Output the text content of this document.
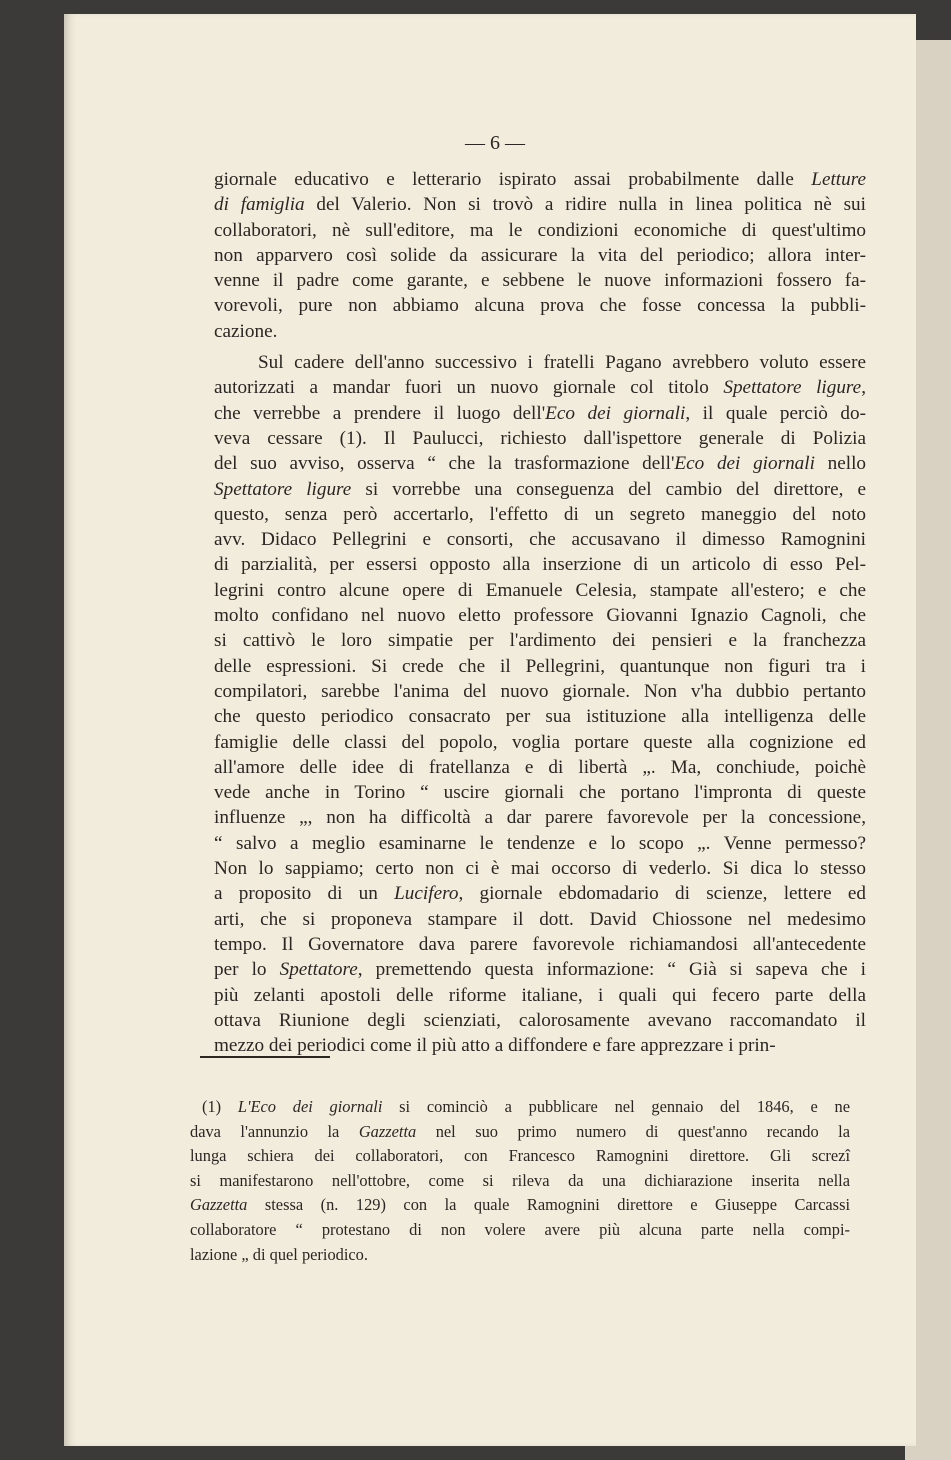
— 6 —
giornale educativo e letterario ispirato assai probabilmente dalle Letture
di famiglia del Valerio. Non si trovò a ridire nulla in linea politica nè sui
collaboratori, nè sull'editore, ma le condizioni economiche di quest'ultimo
non apparvero così solide da assicurare la vita del periodico; allora inter-
venne il padre come garante, e sebbene le nuove informazioni fossero fa-
vorevoli, pure non abbiamo alcuna prova che fosse concessa la pubbli-
cazione.
Sul cadere dell'anno successivo i fratelli Pagano avrebbero voluto essere
autorizzati a mandar fuori un nuovo giornale col titolo Spettatore ligure,
che verrebbe a prendere il luogo dell'Eco dei giornali, il quale perciò do-
veva cessare (1). Il Paulucci, richiesto dall'ispettore generale di Polizia
del suo avviso, osserva “ che la trasformazione dell'Eco dei giornali nello
Spettatore ligure si vorrebbe una conseguenza del cambio del direttore, e
questo, senza però accertarlo, l'effetto di un segreto maneggio del noto
avv. Didaco Pellegrini e consorti, che accusavano il dimesso Ramognini
di parzialità, per essersi opposto alla inserzione di un articolo di esso Pel-
legrini contro alcune opere di Emanuele Celesia, stampate all'estero; e che
molto confidano nel nuovo eletto professore Giovanni Ignazio Cagnoli, che
si cattivò le loro simpatie per l'ardimento dei pensieri e la franchezza
delle espressioni. Si crede che il Pellegrini, quantunque non figuri tra i
compilatori, sarebbe l'anima del nuovo giornale. Non v'ha dubbio pertanto
che questo periodico consacrato per sua istituzione alla intelligenza delle
famiglie delle classi del popolo, voglia portare queste alla cognizione ed
all'amore delle idee di fratellanza e di libertà „. Ma, conchiude, poichè
vede anche in Torino “ uscire giornali che portano l'impronta di queste
influenze „, non ha difficoltà a dar parere favorevole per la concessione,
“ salvo a meglio esaminarne le tendenze e lo scopo „. Venne permesso?
Non lo sappiamo; certo non ci è mai occorso di vederlo. Si dica lo stesso
a proposito di un Lucifero, giornale ebdomadario di scienze, lettere ed
arti, che si proponeva stampare il dott. David Chiossone nel medesimo
tempo. Il Governatore dava parere favorevole richiamandosi all'antecedente
per lo Spettatore, premettendo questa informazione: “ Già si sapeva che i
più zelanti apostoli delle riforme italiane, i quali qui fecero parte della
ottava Riunione degli scienziati, calorosamente avevano raccomandato il
mezzo dei periodici come il più atto a diffondere e fare apprezzare i prin-
(1) L'Eco dei giornali si cominciò a pubblicare nel gennaio del 1846, e ne
dava l'annunzio la Gazzetta nel suo primo numero di quest'anno recando la
lunga schiera dei collaboratori, con Francesco Ramognini direttore. Gli screzî
si manifestarono nell'ottobre, come si rileva da una dichiarazione inserita nella
Gazzetta stessa (n. 129) con la quale Ramognini direttore e Giuseppe Carcassi
collaboratore “ protestano di non volere avere più alcuna parte nella compi-
lazione „ di quel periodico.
